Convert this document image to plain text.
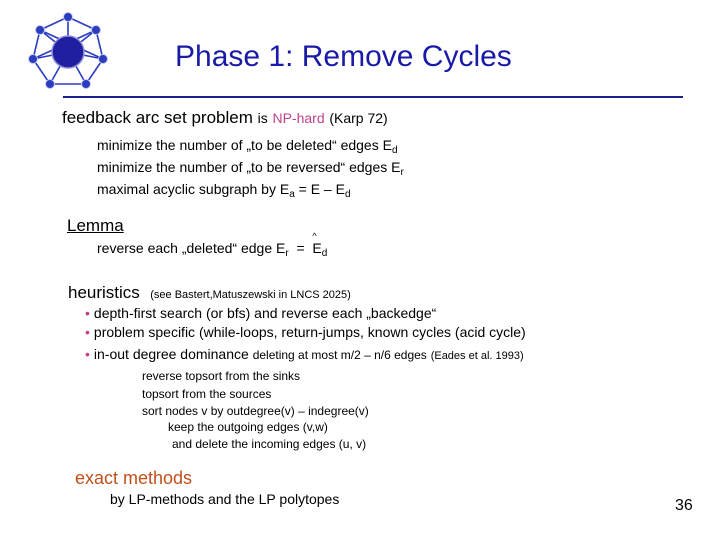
Phase 1: Remove Cycles
feedback arc set problem is NP-hard (Karp 72)
minimize the number of „to be deleted“ edges $E_d$
minimize the number of „to be reversed“ edges $E_r$
maximal acyclic subgraph by $E_a = E - E_d$
Lemma
reverse each „deleted“ edge $E_r$  =
^
$E_d$
heuristics (see Bastert,Matuszewski in LNCS 2025)
• depth-first search (or bfs) and reverse each „backedge“
• problem specific (while-loops, return-jumps, known cycles (acid cycle)
• in-out degree dominance deleting at most m/2 – n/6 edges (Eades et al. 1993)
reverse topsort from the sinks
topsort from the sources
sort nodes v by outdegree(v) – indegree(v)
keep the outgoing edges (v,w)
and delete the incoming edges (u, v)
exact methods
by LP-methods and the LP polytopes	36
